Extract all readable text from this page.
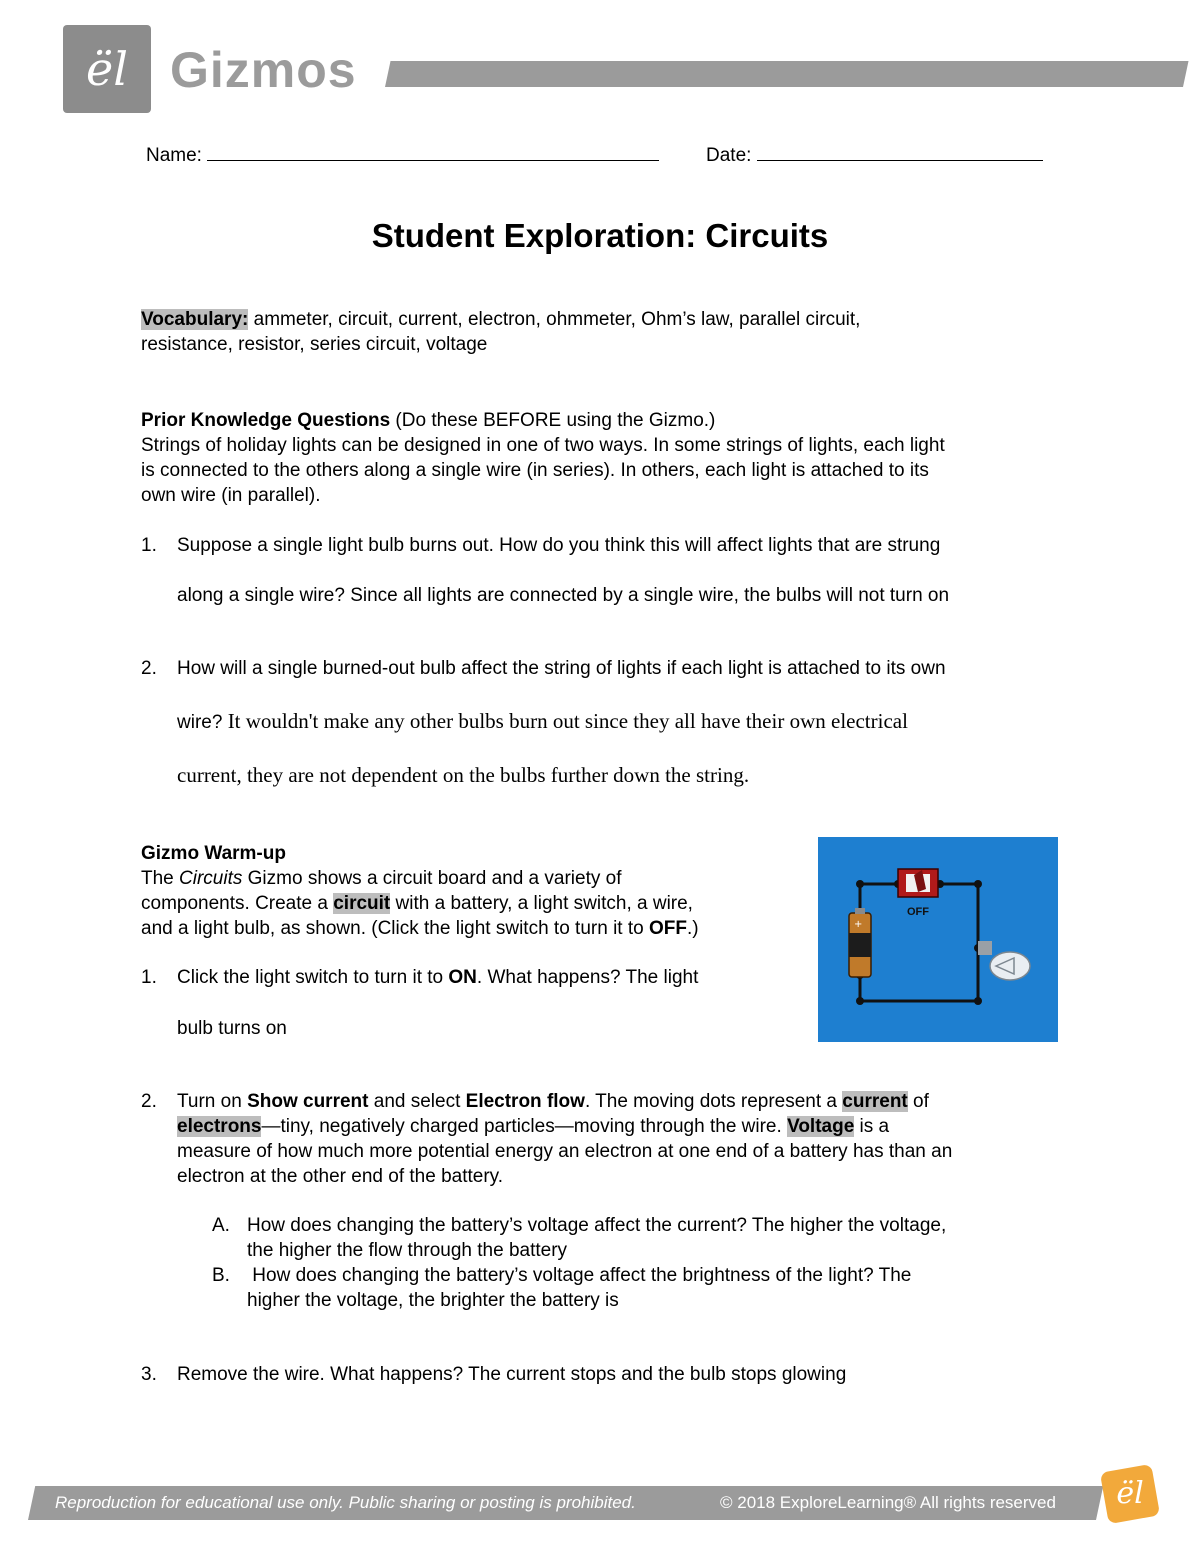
ël Gizmos
Name:	Date:
Student Exploration: Circuits
Vocabulary: ammeter, circuit, current, electron, ohmmeter, Ohm’s law, parallel circuit,
resistance, resistor, series circuit, voltage
Prior Knowledge Questions (Do these BEFORE using the Gizmo.)
Strings of holiday lights can be designed in one of two ways. In some strings of lights, each light
is connected to the others along a single wire (in series). In others, each light is attached to its
own wire (in parallel).
1. Suppose a single light bulb burns out. How do you think this will affect lights that are strung
along a single wire? Since all lights are connected by a single wire, the bulbs will not turn on
2. How will a single burned-out bulb affect the string of lights if each light is attached to its own
wire? It wouldn't make any other bulbs burn out since they all have their own electrical
current, they are not dependent on the bulbs further down the string.
Gizmo Warm-up
The Circuits Gizmo shows a circuit board and a variety of
components. Create a circuit with a battery, a light switch, a wire,
and a light bulb, as shown. (Click the light switch to turn it to OFF.)
OFF
+
1. Click the light switch to turn it to ON. What happens? The light
bulb turns on
2. Turn on Show current and select Electron flow. The moving dots represent a current of
electrons—tiny, negatively charged particles—moving through the wire. Voltage is a
measure of how much more potential energy an electron at one end of a battery has than an
electron at the other end of the battery.
A. How does changing the battery’s voltage affect the current? The higher the voltage,
the higher the flow through the battery
B. How does changing the battery’s voltage affect the brightness of the light? The
higher the voltage, the brighter the battery is
3. Remove the wire. What happens? The current stops and the bulb stops glowing
Reproduction for educational use only. Public sharing or posting is prohibited.	© 2018 ExploreLearning® All rights reserved	ël
